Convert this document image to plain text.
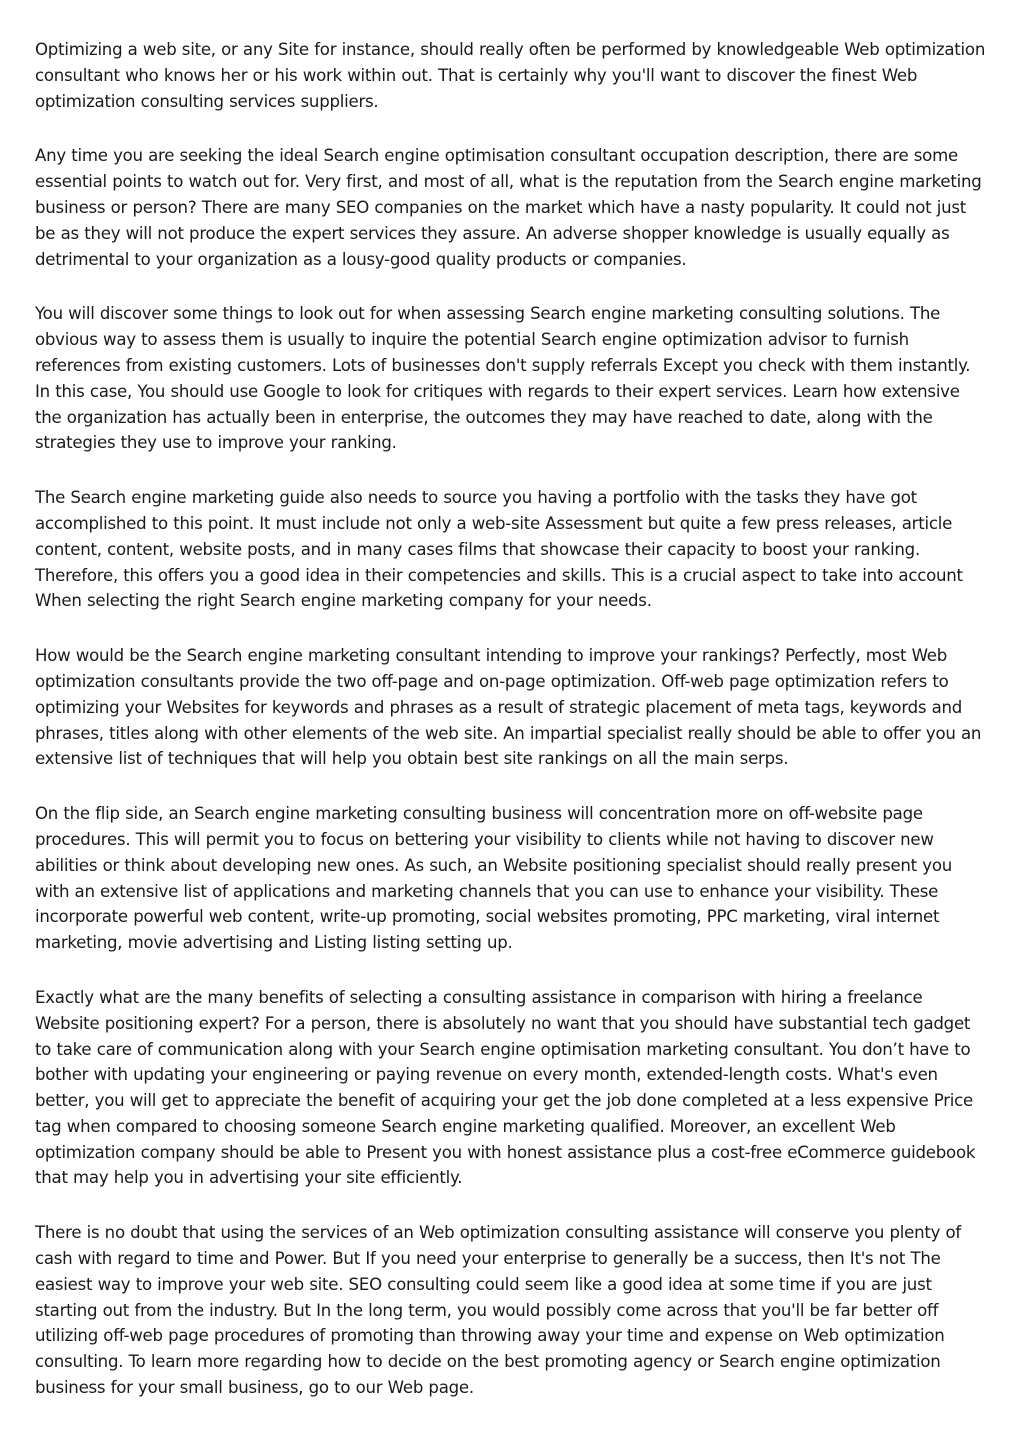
Optimizing a web site, or any Site for instance, should really often be performed by knowledgeable Web optimization consultant who knows her or his work within out. That is certainly why you'll want to discover the finest Web optimization consulting services suppliers.

Any time you are seeking the ideal Search engine optimisation consultant occupation description, there are some essential points to watch out for. Very first, and most of all, what is the reputation from the Search engine marketing business or person? There are many SEO companies on the market which have a nasty popularity. It could not just be as they will not produce the expert services they assure. An adverse shopper knowledge is usually equally as detrimental to your organization as a lousy-good quality products or companies.

You will discover some things to look out for when assessing Search engine marketing consulting solutions. The obvious way to assess them is usually to inquire the potential Search engine optimization advisor to furnish references from existing customers. Lots of businesses don't supply referrals Except you check with them instantly. In this case, You should use Google to look for critiques with regards to their expert services. Learn how extensive the organization has actually been in enterprise, the outcomes they may have reached to date, along with the strategies they use to improve your ranking.

The Search engine marketing guide also needs to source you having a portfolio with the tasks they have got accomplished to this point. It must include not only a web-site Assessment but quite a few press releases, article content, content, website posts, and in many cases films that showcase their capacity to boost your ranking. Therefore, this offers you a good idea in their competencies and skills. This is a crucial aspect to take into account When selecting the right Search engine marketing company for your needs.

How would be the Search engine marketing consultant intending to improve your rankings? Perfectly, most Web optimization consultants provide the two off-page and on-page optimization. Off-web page optimization refers to optimizing your Websites for keywords and phrases as a result of strategic placement of meta tags, keywords and phrases, titles along with other elements of the web site. An impartial specialist really should be able to offer you an extensive list of techniques that will help you obtain best site rankings on all the main serps.

On the flip side, an Search engine marketing consulting business will concentration more on off-website page procedures. This will permit you to focus on bettering your visibility to clients while not having to discover new abilities or think about developing new ones. As such, an Website positioning specialist should really present you with an extensive list of applications and marketing channels that you can use to enhance your visibility. These incorporate powerful web content, write-up promoting, social websites promoting, PPC marketing, viral internet marketing, movie advertising and Listing listing setting up.

Exactly what are the many benefits of selecting a consulting assistance in comparison with hiring a freelance Website positioning expert? For a person, there is absolutely no want that you should have substantial tech gadget to take care of communication along with your Search engine optimisation marketing consultant. You don’t have to bother with updating your engineering or paying revenue on every month, extended-length costs. What's even better, you will get to appreciate the benefit of acquiring your get the job done completed at a less expensive Price tag when compared to choosing someone Search engine marketing qualified. Moreover, an excellent Web optimization company should be able to Present you with honest assistance plus a cost-free eCommerce guidebook that may help you in advertising your site efficiently.

There is no doubt that using the services of an Web optimization consulting assistance will conserve you plenty of cash with regard to time and Power. But If you need your enterprise to generally be a success, then It's not The easiest way to improve your web site. SEO consulting could seem like a good idea at some time if you are just starting out from the industry. But In the long term, you would possibly come across that you'll be far better off utilizing off-web page procedures of promoting than throwing away your time and expense on Web optimization consulting. To learn more regarding how to decide on the best promoting agency or Search engine optimization business for your small business, go to our Web page.
